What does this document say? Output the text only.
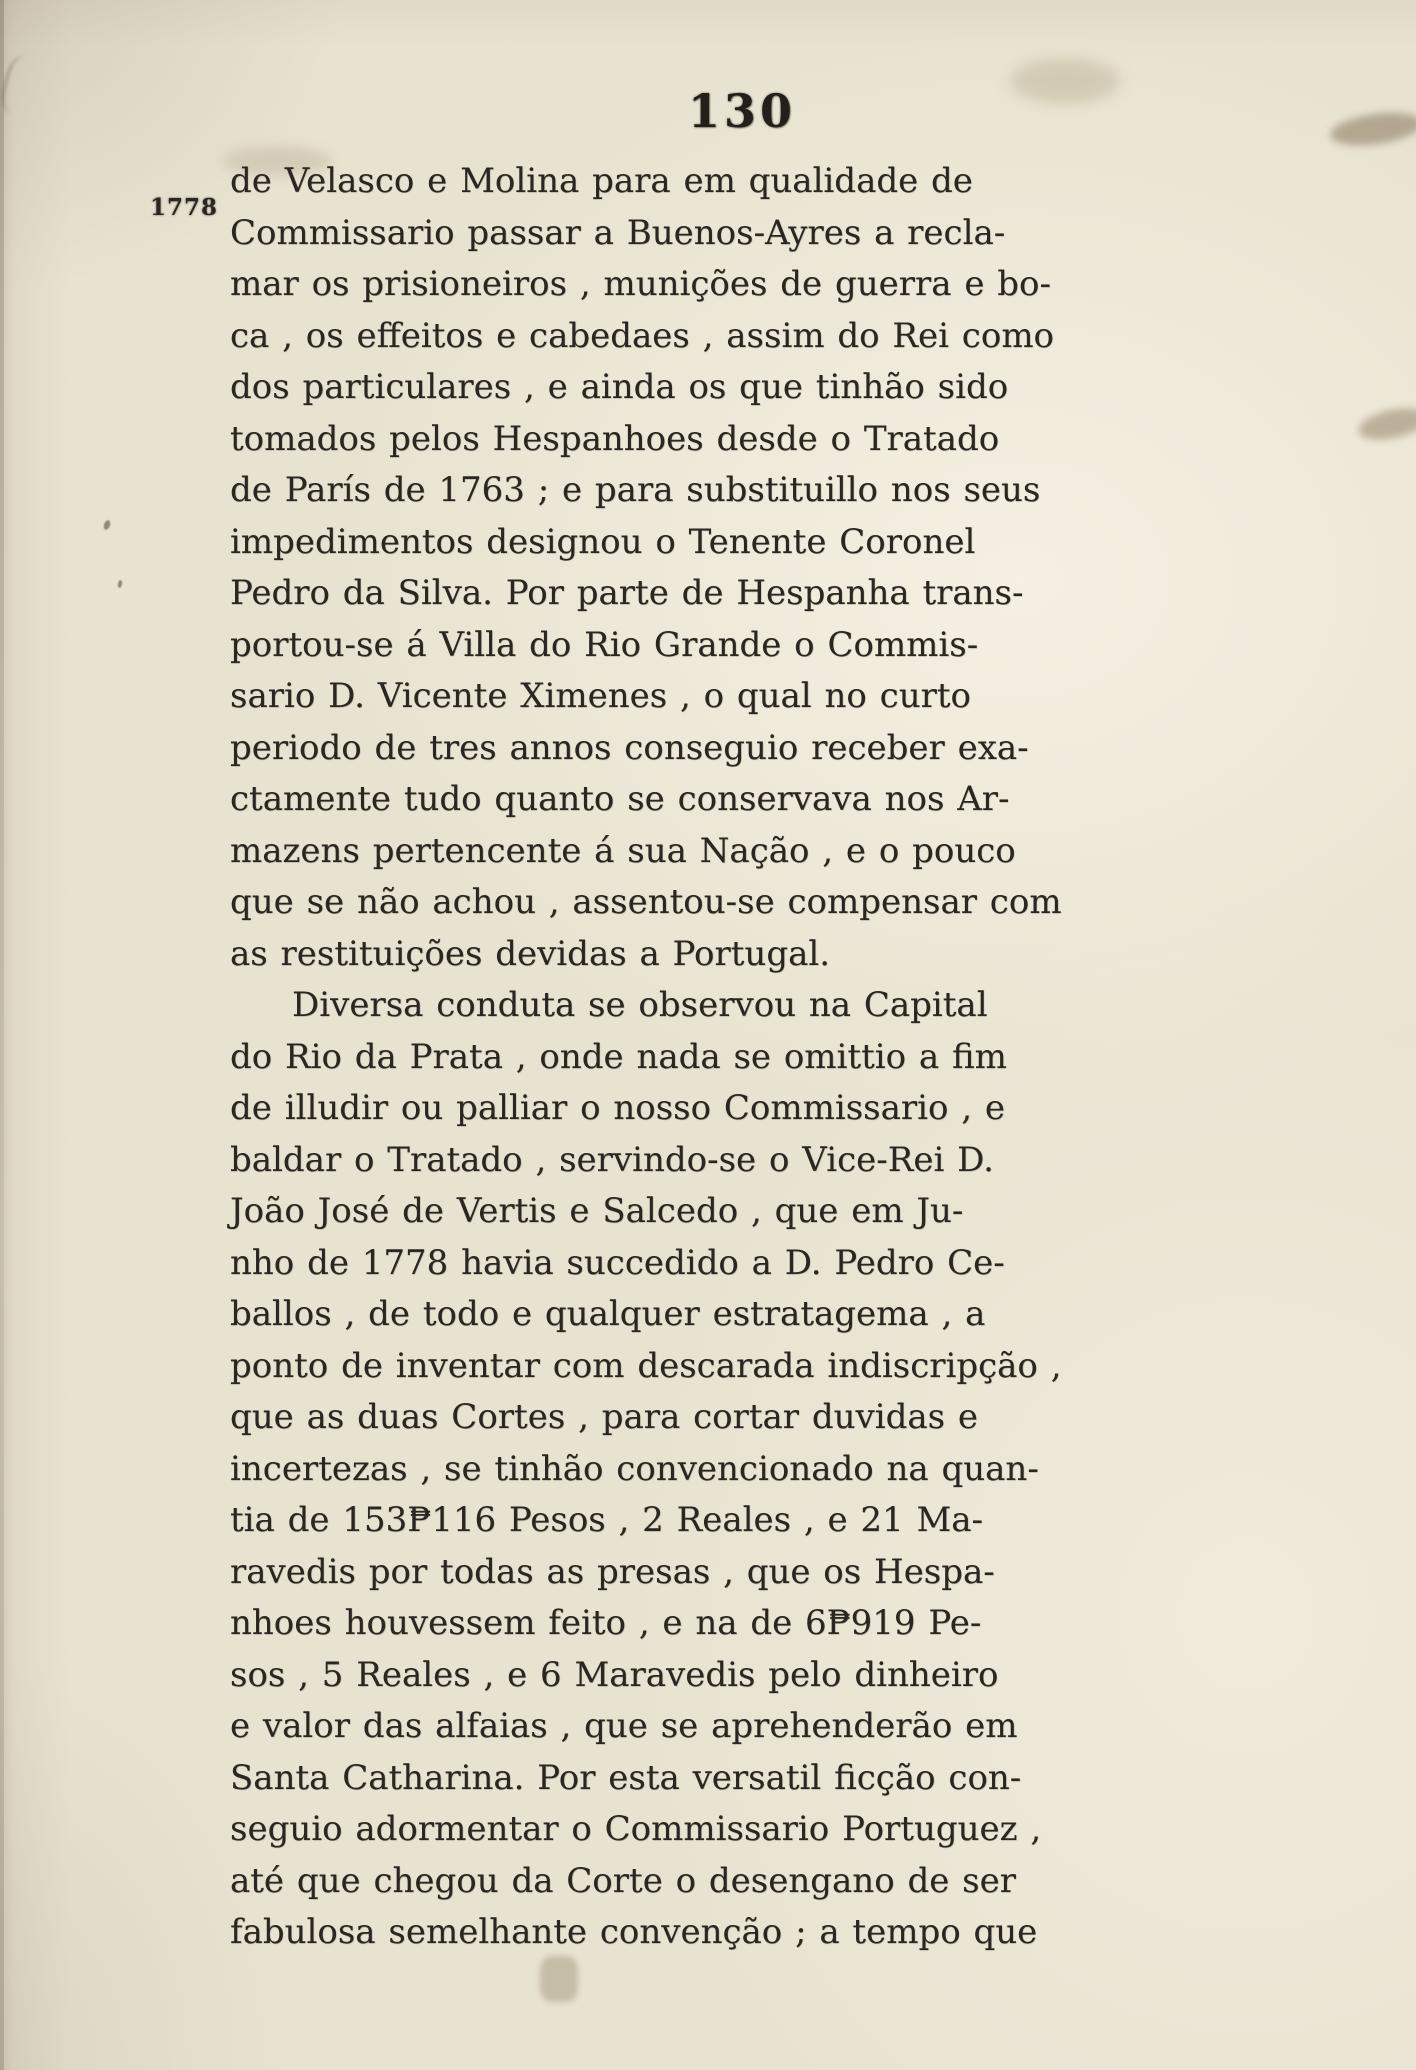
130
1778
de Velasco e Molina para em qualidade de
Commissario passar a Buenos-Ayres a recla-
mar os prisioneiros , munições de guerra e bo-
ca , os effeitos e cabedaes , assim do Rei como
dos particulares , e ainda os que tinhão sido
tomados pelos Hespanhoes desde o Tratado
de París de 1763 ; e para substituillo nos seus
impedimentos designou o Tenente Coronel
Pedro da Silva. Por parte de Hespanha trans-
portou-se á Villa do Rio Grande o Commis-
sario D. Vicente Ximenes , o qual no curto
periodo de tres annos conseguio receber exa-
ctamente tudo quanto se conservava nos Ar-
mazens pertencente á sua Nação , e o pouco
que se não achou , assentou-se compensar com
as restituições devidas a Portugal.
Diversa conduta se observou na Capital
do Rio da Prata , onde nada se omittio a fim
de illudir ou palliar o nosso Commissario , e
baldar o Tratado , servindo-se o Vice-Rei D.
João José de Vertis e Salcedo , que em Ju-
nho de 1778 havia succedido a D. Pedro Ce-
ballos , de todo e qualquer estratagema , a
ponto de inventar com descarada indiscripção ,
que as duas Cortes , para cortar duvidas e
incertezas , se tinhão convencionado na quan-
tia de 153₱116 Pesos , 2 Reales , e 21 Ma-
ravedis por todas as presas , que os Hespa-
nhoes houvessem feito , e na de 6₱919 Pe-
sos , 5 Reales , e 6 Maravedis pelo dinheiro
e valor das alfaias , que se aprehenderão em
Santa Catharina. Por esta versatil ficção con-
seguio adormentar o Commissario Portuguez ,
até que chegou da Corte o desengano de ser
fabulosa semelhante convenção ; a tempo que
